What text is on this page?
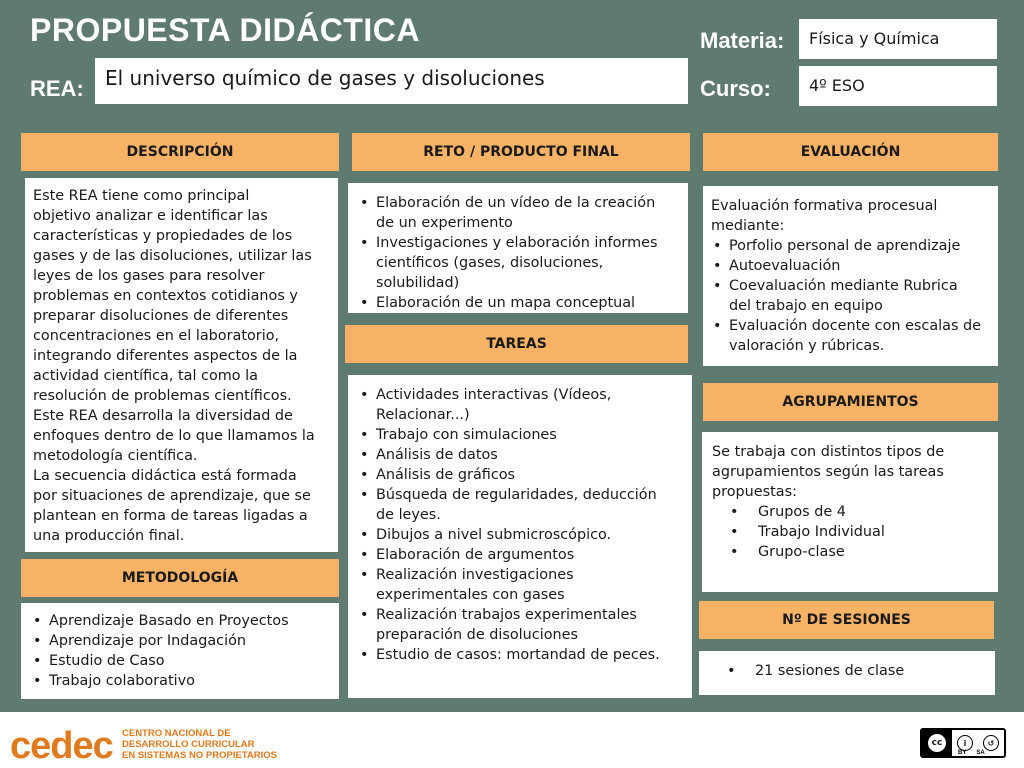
PROPUESTA DIDÁCTICA
REA:	El universo químico de gases y disoluciones
Materia:	Física y Química
Curso:	4º ESO
DESCRIPCIÓN
Este REA tiene como principal
objetivo analizar e identificar las
características y propiedades de los
gases y de las disoluciones, utilizar las
leyes de los gases para resolver
problemas en contextos cotidianos y
preparar disoluciones de diferentes
concentraciones en el laboratorio,
integrando diferentes aspectos de la
actividad científica, tal como la
resolución de problemas científicos.
Este REA desarrolla la diversidad de
enfoques dentro de lo que llamamos la
metodología científica.
La secuencia didáctica está formada
por situaciones de aprendizaje, que se
plantean en forma de tareas ligadas a
una producción final.
METODOLOGÍA
• Aprendizaje Basado en Proyectos
• Aprendizaje por Indagación
• Estudio de Caso
• Trabajo colaborativo
RETO / PRODUCTO FINAL
• Elaboración de un vídeo de la creación
de un experimento
• Investigaciones y elaboración informes
científicos (gases, disoluciones,
solubilidad)
• Elaboración de un mapa conceptual
TAREAS
• Actividades interactivas (Vídeos,
Relacionar...)
• Trabajo con simulaciones
• Análisis de datos
• Análisis de gráficos
• Búsqueda de regularidades, deducción
de leyes.
• Dibujos a nivel submicroscópico.
• Elaboración de argumentos
• Realización investigaciones
experimentales con gases
• Realización trabajos experimentales
preparación de disoluciones
• Estudio de casos: mortandad de peces.
EVALUACIÓN
Evaluación formativa procesual
mediante:
• Porfolio personal de aprendizaje
• Autoevaluación
• Coevaluación mediante Rubrica
del trabajo en equipo
• Evaluación docente con escalas de
valoración y rúbricas.
AGRUPAMIENTOS
Se trabaja con distintos tipos de
agrupamientos según las tareas
propuestas:
• Grupos de 4
• Trabajo Individual
• Grupo-clase
Nº DE SESIONES
• 21 sesiones de clase
cedec CENTRO NACIONAL DE
DESARROLLO CURRICULAR
EN SISTEMAS NO PROPIETARIOS
cc	i	↺
BY SA
